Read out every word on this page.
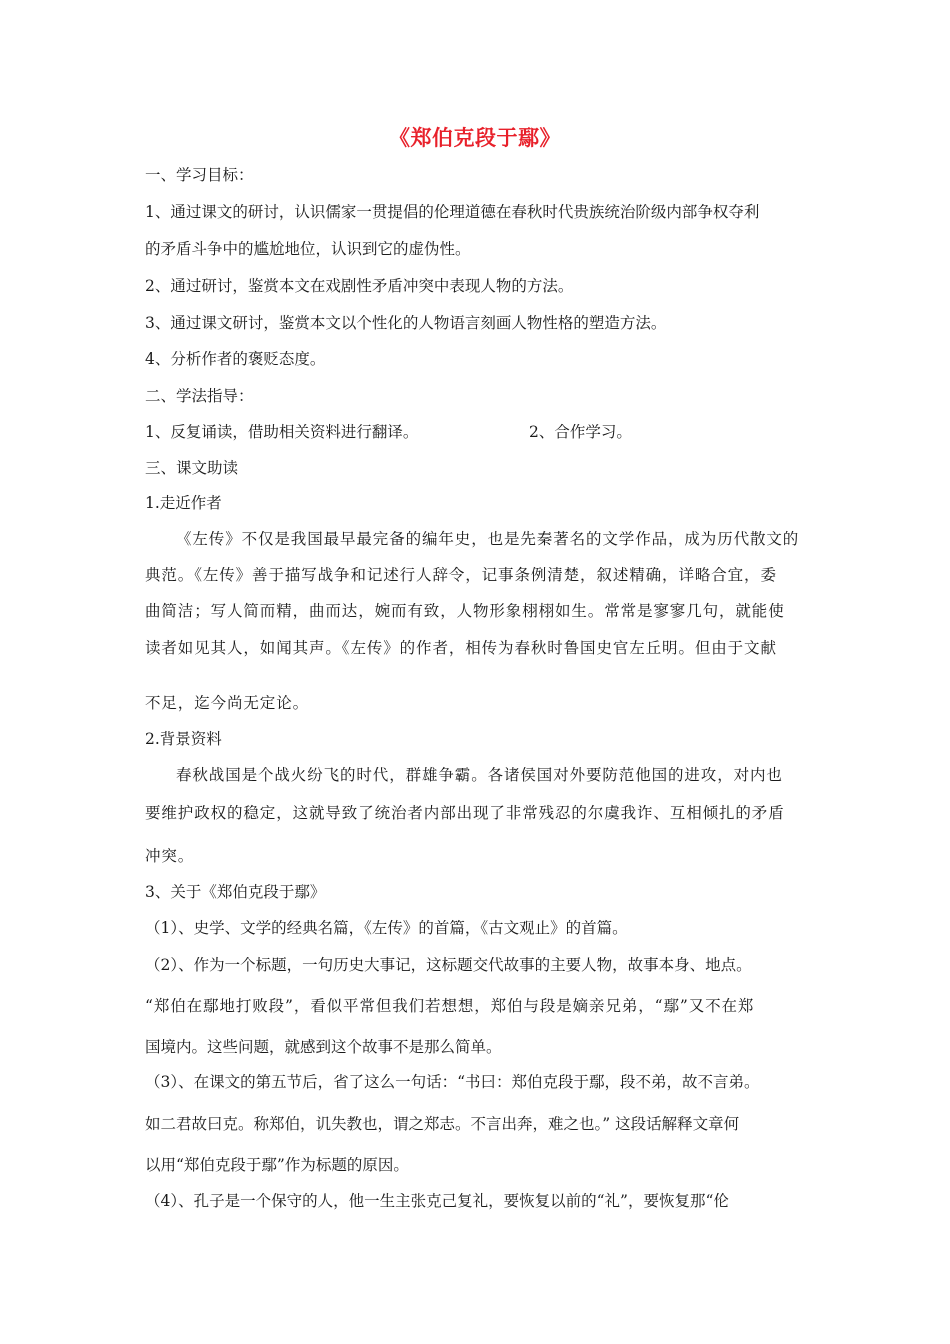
《郑伯克段于鄢》
一、学习目标：
1、通过课文的研讨，认识儒家一贯提倡的伦理道德在春秋时代贵族统治阶级内部争权夺利
的矛盾斗争中的尴尬地位，认识到它的虚伪性。
2、通过研讨，鉴赏本文在戏剧性矛盾冲突中表现人物的方法。
3、通过课文研讨，鉴赏本文以个性化的人物语言刻画人物性格的塑造方法。
4、分析作者的褒贬态度。
二、学法指导：
1、反复诵读，借助相关资料进行翻译。	2、合作学习。
三、课文助读
1.走近作者
《左传》不仅是我国最早最完备的编年史，也是先秦著名的文学作品，成为历代散文的
典范。《左传》善于描写战争和记述行人辞令，记事条例清楚，叙述精确，详略合宜，委
曲简洁；写人简而精，曲而达，婉而有致，人物形象栩栩如生。常常是寥寥几句，就能使
读者如见其人，如闻其声。《左传》的作者，相传为春秋时鲁国史官左丘明。但由于文献
不足，迄今尚无定论。
2.背景资料
春秋战国是个战火纷飞的时代，群雄争霸。各诸侯国对外要防范他国的进攻，对内也
要维护政权的稳定，这就导致了统治者内部出现了非常残忍的尔虞我诈、互相倾扎的矛盾
冲突。
3、关于《郑伯克段于鄢》
（1）、史学、文学的经典名篇，《左传》的首篇，《古文观止》的首篇。
（2）、作为一个标题，一句历史大事记，这标题交代故事的主要人物，故事本身、地点。
“郑伯在鄢地打败段”，看似平常但我们若想想，郑伯与段是嫡亲兄弟，“鄢”又不在郑
国境内。这些问题，就感到这个故事不是那么简单。
（3）、在课文的第五节后，省了这么一句话：“书曰：郑伯克段于鄢，段不弟，故不言弟。
如二君故曰克。称郑伯，讥失教也，谓之郑志。不言出奔，难之也。” 这段话解释文章何
以用“郑伯克段于鄢”作为标题的原因。
（4）、孔子是一个保守的人，他一生主张克己复礼，要恢复以前的“礼”，要恢复那“伦
